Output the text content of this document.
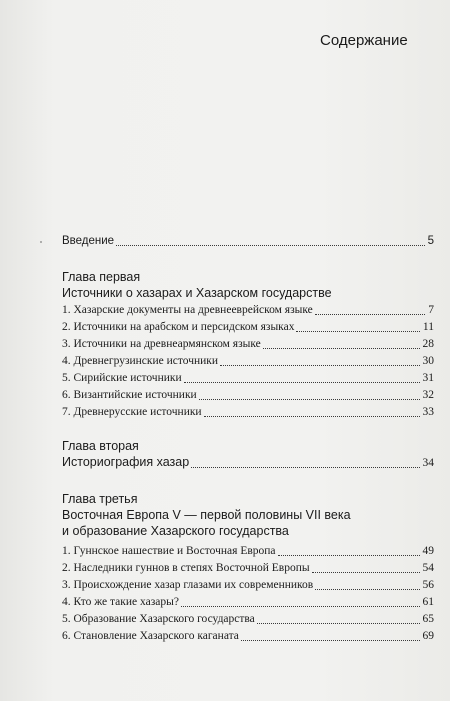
Содержание
Введение	5
Глава первая
Источники о хазарах и Хазарском государстве
1. Хазарские документы на древнееврейском языке	7
2. Источники на арабском и персидском языках	11
3. Источники на древнеармянском языке	28
4. Древнегрузинские источники	30
5. Сирийские источники	31
6. Византийские источники	32
7. Древнерусские источники	33
Глава вторая
Историография хазар	34
Глава третья
Восточная Европа V — первой половины VII века
и образование Хазарского государства
1. Гуннское нашествие и Восточная Европа	49
2. Наследники гуннов в степях Восточной Европы	54
3. Происхождение хазар глазами их современников	56
4. Кто же такие хазары?	61
5. Образование Хазарского государства	65
6. Становление Хазарского каганата	69
